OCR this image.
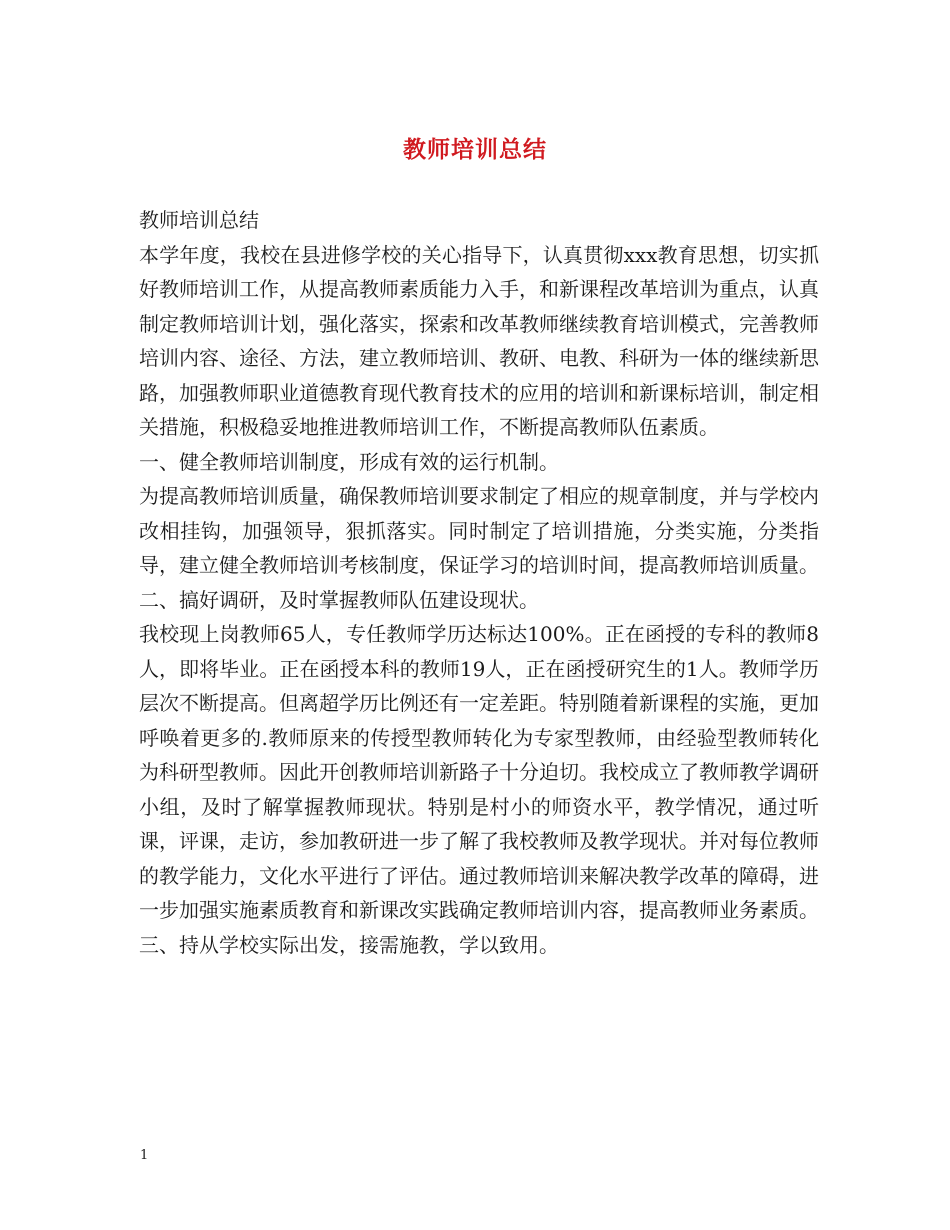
教师培训总结

教师培训总结

本学年度，我校在县进修学校的关心指导下，认真贯彻xxx教育思想，切实抓好教师培训工作，从提高教师素质能力入手，和新课程改革培训为重点，认真制定教师培训计划，强化落实，探索和改革教师继续教育培训模式，完善教师培训内容、途径、方法，建立教师培训、教研、电教、科研为一体的继续新思路，加强教师职业道德教育现代教育技术的应用的培训和新课标培训，制定相关措施，积极稳妥地推进教师培训工作，不断提高教师队伍素质。

一、健全教师培训制度，形成有效的运行机制。

为提高教师培训质量，确保教师培训要求制定了相应的规章制度，并与学校内改相挂钩，加强领导，狠抓落实。同时制定了培训措施，分类实施，分类指导，建立健全教师培训考核制度，保证学习的培训时间，提高教师培训质量。

二、搞好调研，及时掌握教师队伍建设现状。

我校现上岗教师65人，专任教师学历达标达100%。正在函授的专科的教师8人，即将毕业。正在函授本科的教师19人，正在函授研究生的1人。教师学历层次不断提高。但离超学历比例还有一定差距。特别随着新课程的实施，更加呼唤着更多的.教师原来的传授型教师转化为专家型教师，由经验型教师转化为科研型教师。因此开创教师培训新路子十分迫切。我校成立了教师教学调研小组，及时了解掌握教师现状。特别是村小的师资水平，教学情况，通过听课，评课，走访，参加教研进一步了解了我校教师及教学现状。并对每位教师的教学能力，文化水平进行了评估。通过教师培训来解决教学改革的障碍，进一步加强实施素质教育和新课改实践确定教师培训内容，提高教师业务素质。

三、持从学校实际出发，接需施教，学以致用。

1
